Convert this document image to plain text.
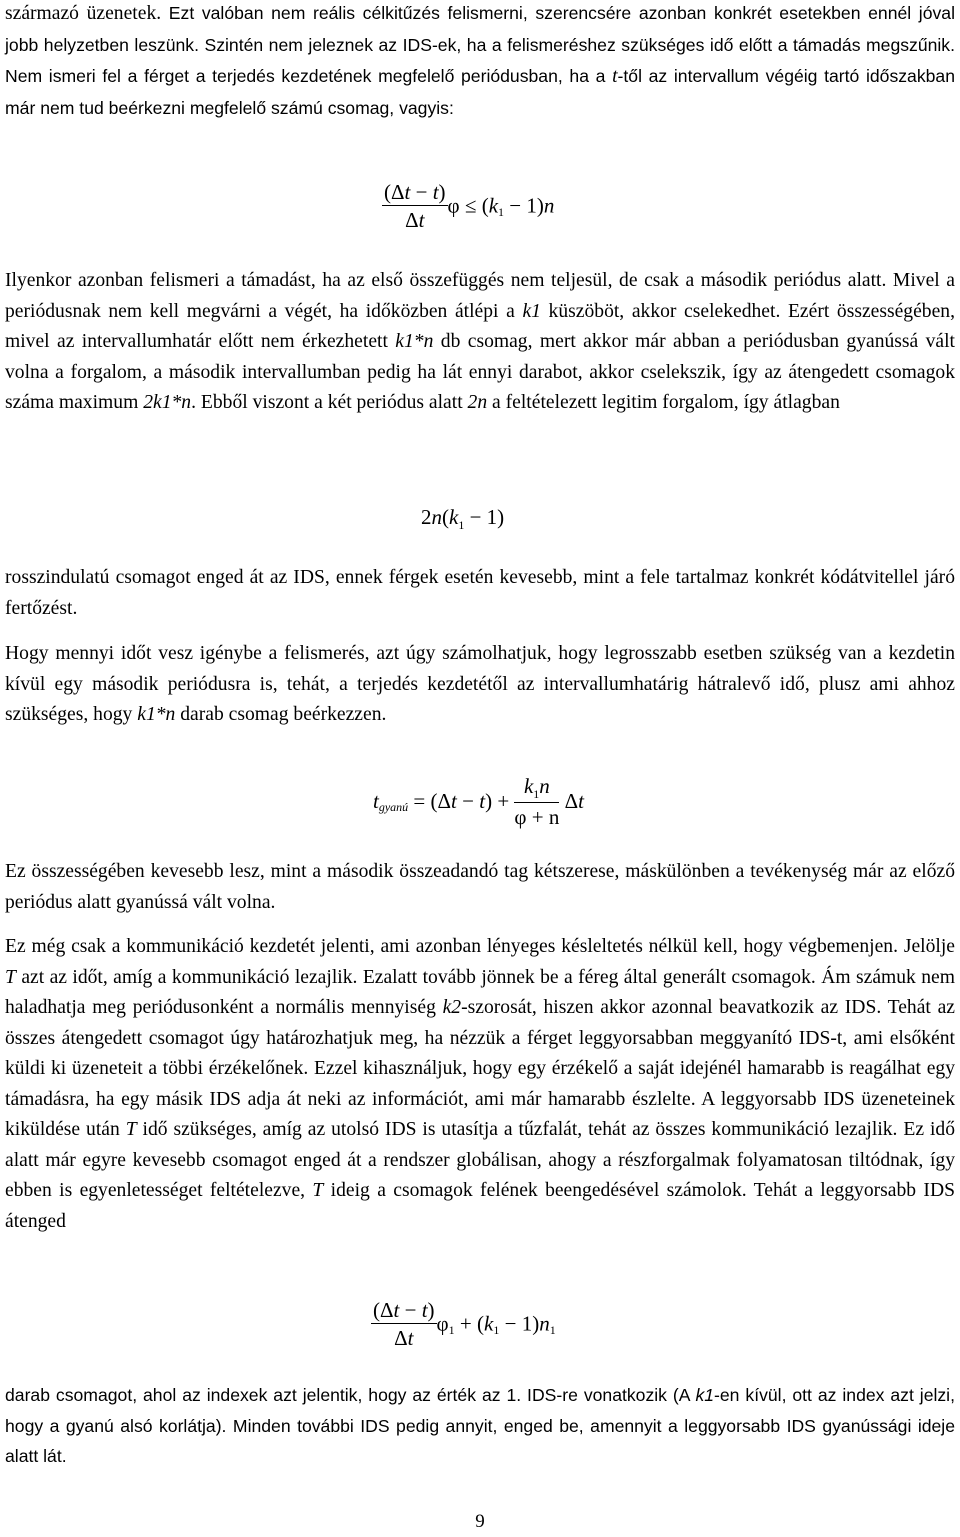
származó üzenetek. Ezt valóban nem reális célkitűzés felismerni, szerencsére azonban konkrét esetekben ennél jóval jobb helyzetben leszünk. Szintén nem jeleznek az IDS-ek, ha a felismeréshez szükséges idő előtt a támadás megszűnik. Nem ismeri fel a férget a terjedés kezdetének megfelelő periódusban, ha a t-től az intervallum végéig tartó időszakban már nem tud beérkezni megfelelő számú csomag, vagyis:

$\frac{(\Delta t - t)}{\Delta t}$ $\varphi \le (k_1 - 1)n$

Ilyenkor azonban felismeri a támadást, ha az első összefüggés nem teljesül, de csak a második periódus alatt. Mivel a periódusnak nem kell megvárni a végét, ha időközben átlépi a k1 küszöböt, akkor cselekedhet. Ezért összességében, mivel az intervallumhatár előtt nem érkezhetett k1*n db csomag, mert akkor már abban a periódusban gyanússá vált volna a forgalom, a második intervallumban pedig ha lát ennyi darabot, akkor cselekszik, így az átengedett csomagok száma maximum 2k1*n. Ebből viszont a két periódus alatt 2n a feltételezett legitim forgalom, így átlagban

$2n(k_1 - 1)$

rosszindulatú csomagot enged át az IDS, ennek férgek esetén kevesebb, mint a fele tartalmaz konkrét kódátvitellel járó fertőzést.

Hogy mennyi időt vesz igénybe a felismerés, azt úgy számolhatjuk, hogy legrosszabb esetben szükség van a kezdetin kívül egy második periódusra is, tehát, a terjedés kezdetétől az intervallumhatárig hátralevő idő, plusz ami ahhoz szükséges, hogy k1*n darab csomag beérkezzen.

$t_{gyanú} = (\Delta t - t) + \frac{k_1n}{\varphi + n}$ Δt

Ez összességében kevesebb lesz, mint a második összeadandó tag kétszerese, máskülönben a tevékenység már az előző periódus alatt gyanússá vált volna.

Ez még csak a kommunikáció kezdetét jelenti, ami azonban lényeges késleltetés nélkül kell, hogy végbemenjen. Jelölje T azt az időt, amíg a kommunikáció lezajlik. Ezalatt tovább jönnek be a féreg által generált csomagok. Ám számuk nem haladhatja meg periódusonként a normális mennyiség k2-szorosát, hiszen akkor azonnal beavatkozik az IDS. Tehát az összes átengedett csomagot úgy határozhatjuk meg, ha nézzük a férget leggyorsabban meggyanító IDS-t, ami elsőként küldi ki üzeneteit a többi érzékelőnek. Ezzel kihasználjuk, hogy egy érzékelő a saját idejénél hamarabb is reagálhat egy támadásra, ha egy másik IDS adja át neki az információt, ami már hamarabb észlelte. A leggyorsabb IDS üzeneteinek kiküldése után T idő szükséges, amíg az utolsó IDS is utasítja a tűzfalát, tehát az összes kommunikáció lezajlik. Ez idő alatt már egyre kevesebb csomagot enged át a rendszer globálisan, ahogy a részforgalmak folyamatosan tiltódnak, így ebben is egyenletességet feltételezve, T ideig a csomagok felének beengedésével számolok. Tehát a leggyorsabb IDS átenged

$\frac{(\Delta t - t)}{\Delta t} \varphi_1 + (k_1 - 1)n_1$

darab csomagot, ahol az indexek azt jelentik, hogy az érték az 1. IDS-re vonatkozik (A k1-en kívül, ott az index azt jelzi, hogy a gyanú alsó korlátja). Minden további IDS pedig annyit, enged be, amennyit a leggyorsabb IDS gyanússági ideje alatt lát.

9
